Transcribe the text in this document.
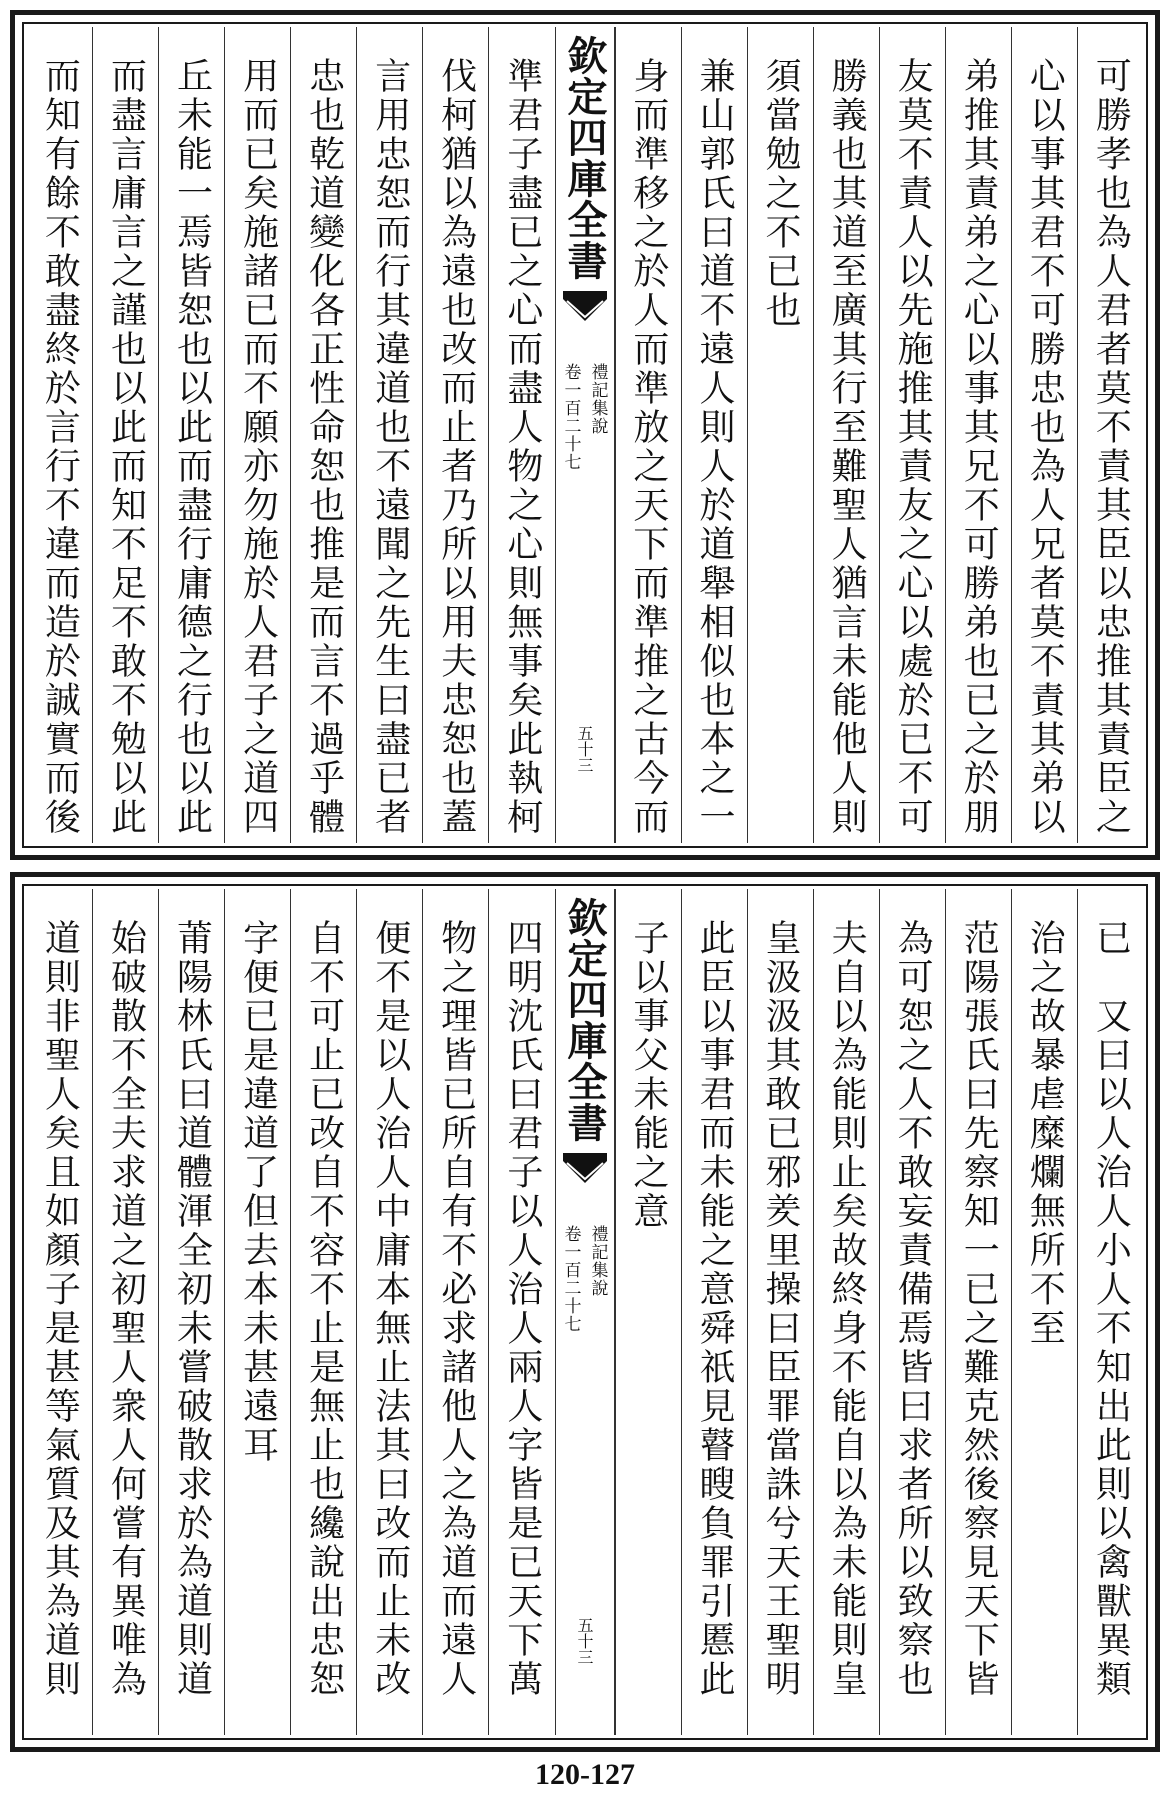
可勝孝也為人君者莫不責其臣以忠推其責臣之
心以事其君不可勝忠也為人兄者莫不責其弟以
弟推其責弟之心以事其兄不可勝弟也已之於朋
友莫不責人以先施推其責友之心以處於已不可
勝義也其道至廣其行至難聖人猶言未能他人則
須當勉之不已也
兼山郭氏曰道不遠人則人於道舉相似也本之一
身而準移之於人而準放之天下而準推之古今而
欽定四庫全書
禮記集說
卷一百二十七
五十三
準君子盡已之心而盡人物之心則無事矣此執柯
伐柯猶以為遠也改而止者乃所以用夫忠恕也蓋
言用忠恕而行其違道也不遠聞之先生曰盡已者
忠也乾道變化各正性命恕也推是而言不過乎體
用而已矣施諸已而不願亦勿施於人君子之道四
丘未能一焉皆恕也以此而盡行庸德之行也以此
而盡言庸言之謹也以此而知不足不敢不勉以此
而知有餘不敢盡終於言行不違而造於誠實而後
已　又曰以人治人小人不知出此則以禽獸異類
治之故暴虐糜爛無所不至
范陽張氏曰先察知一已之難克然後察見天下皆
為可恕之人不敢妄責備焉皆曰求者所以致察也
夫自以為能則止矣故終身不能自以為未能則皇
皇汲汲其敢已邪羑里操曰臣罪當誅兮天王聖明
此臣以事君而未能之意舜祇見瞽瞍負罪引慝此
子以事父未能之意
欽定四庫全書
禮記集說
卷一百二十七
五十三
四明沈氏曰君子以人治人兩人字皆是已天下萬
物之理皆已所自有不必求諸他人之為道而遠人
便不是以人治人中庸本無止法其曰改而止未改
自不可止已改自不容不止是無止也纔說出忠恕
字便已是違道了但去本未甚遠耳
莆陽林氏曰道體渾全初未嘗破散求於為道則道
始破散不全夫求道之初聖人衆人何嘗有異唯為
道則非聖人矣且如顏子是甚等氣質及其為道則
120-127
